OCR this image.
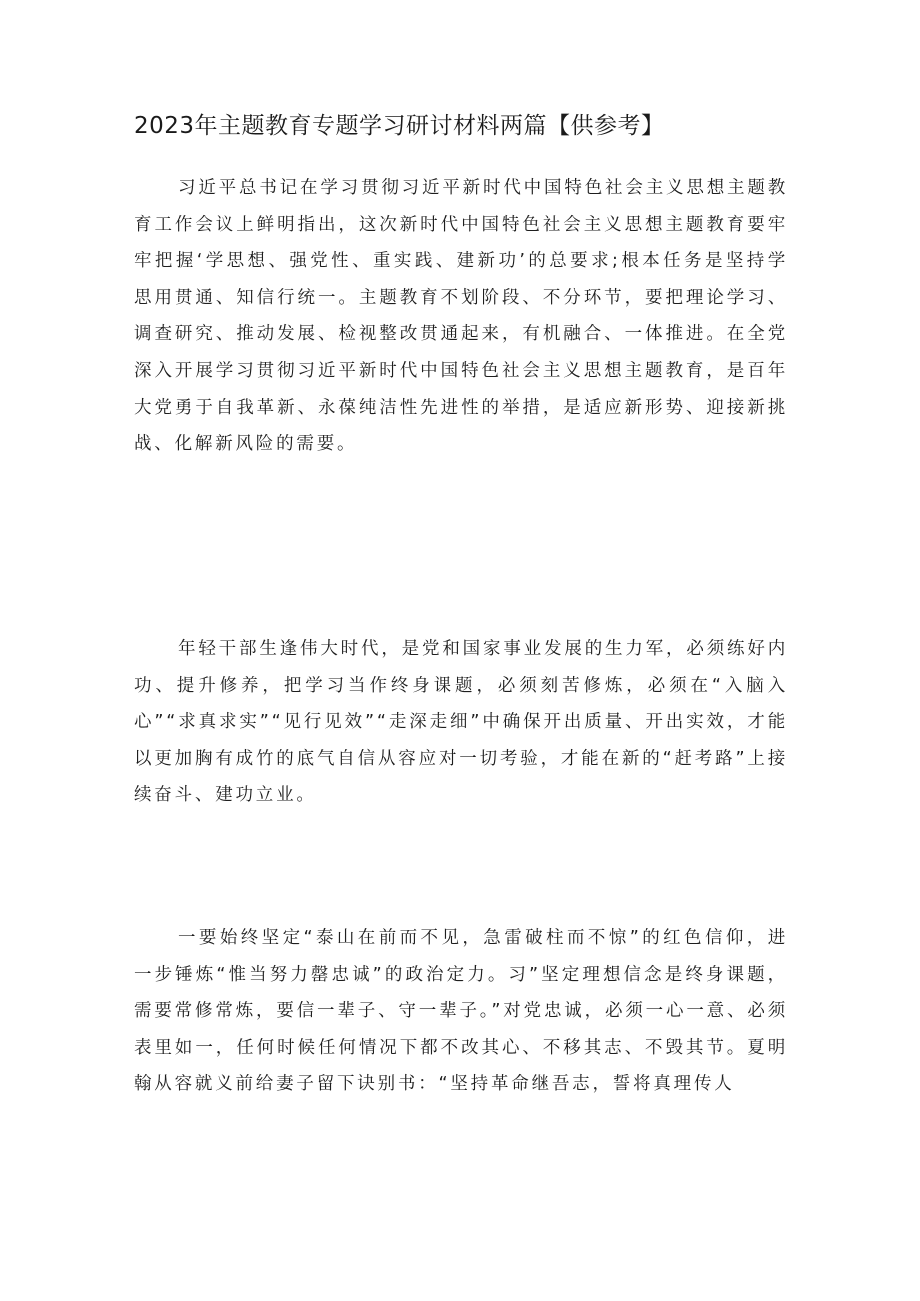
2023年主题教育专题学习研讨材料两篇【供参考】

习近平总书记在学习贯彻习近平新时代中国特色社会主义思想主题教育工作会议上鲜明指出，这次新时代中国特色社会主义思想主题教育要牢牢把握‘学思想、强党性、重实践、建新功’的总要求;根本任务是坚持学思用贯通、知信行统一。主题教育不划阶段、不分环节，要把理论学习、调查研究、推动发展、检视整改贯通起来，有机融合、一体推进。在全党深入开展学习贯彻习近平新时代中国特色社会主义思想主题教育，是百年大党勇于自我革新、永葆纯洁性先进性的举措，是适应新形势、迎接新挑战、化解新风险的需要。

年轻干部生逢伟大时代，是党和国家事业发展的生力军，必须练好内功、提升修养，把学习当作终身课题，必须刻苦修炼，必须在“入脑入心”“求真求实”“见行见效”“走深走细”中确保开出质量、开出实效，才能以更加胸有成竹的底气自信从容应对一切考验，才能在新的“赶考路”上接续奋斗、建功立业。

一要始终坚定“泰山在前而不见，急雷破柱而不惊”的红色信仰，进一步锤炼“惟当努力罄忠诚”的政治定力。习”坚定理想信念是终身课题，需要常修常炼，要信一辈子、守一辈子。”对党忠诚，必须一心一意、必须表里如一，任何时候任何情况下都不改其心、不移其志、不毁其节。夏明翰从容就义前给妻子留下诀别书：“坚持革命继吾志，誓将真理传人
